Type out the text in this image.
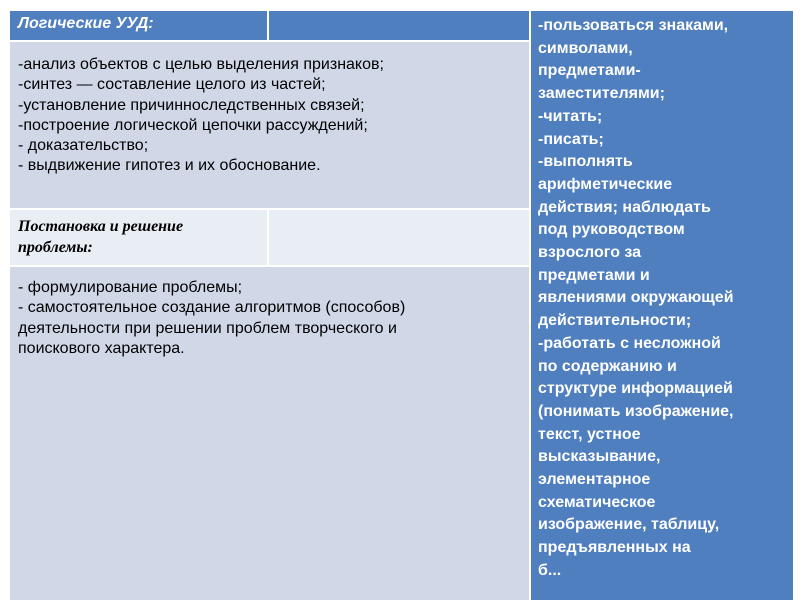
Логические УУД:
-анализ объектов с целью выделения признаков;
-синтез — составление целого из частей;
-установление причинноследственных связей;
-построение логической цепочки рассуждений;
- доказательство;
- выдвижение гипотез и их обоснование.
Постановка и решение
проблемы:
- формулирование проблемы;
- самостоятельное создание алгоритмов (способов)
деятельности при решении проблем творческого и
поискового характера.
-пользоваться знаками,
символами,
предметами-
заместителями;
-читать;
-писать;
-выполнять
арифметические
действия; наблюдать
под руководством
взрослого за
предметами и
явлениями окружающей
действительности;
-работать с несложной
по содержанию и
структуре информацией
(понимать изображение,
текст, устное
высказывание,
элементарное
схематическое
изображение, таблицу,
предъявленных на
б...
